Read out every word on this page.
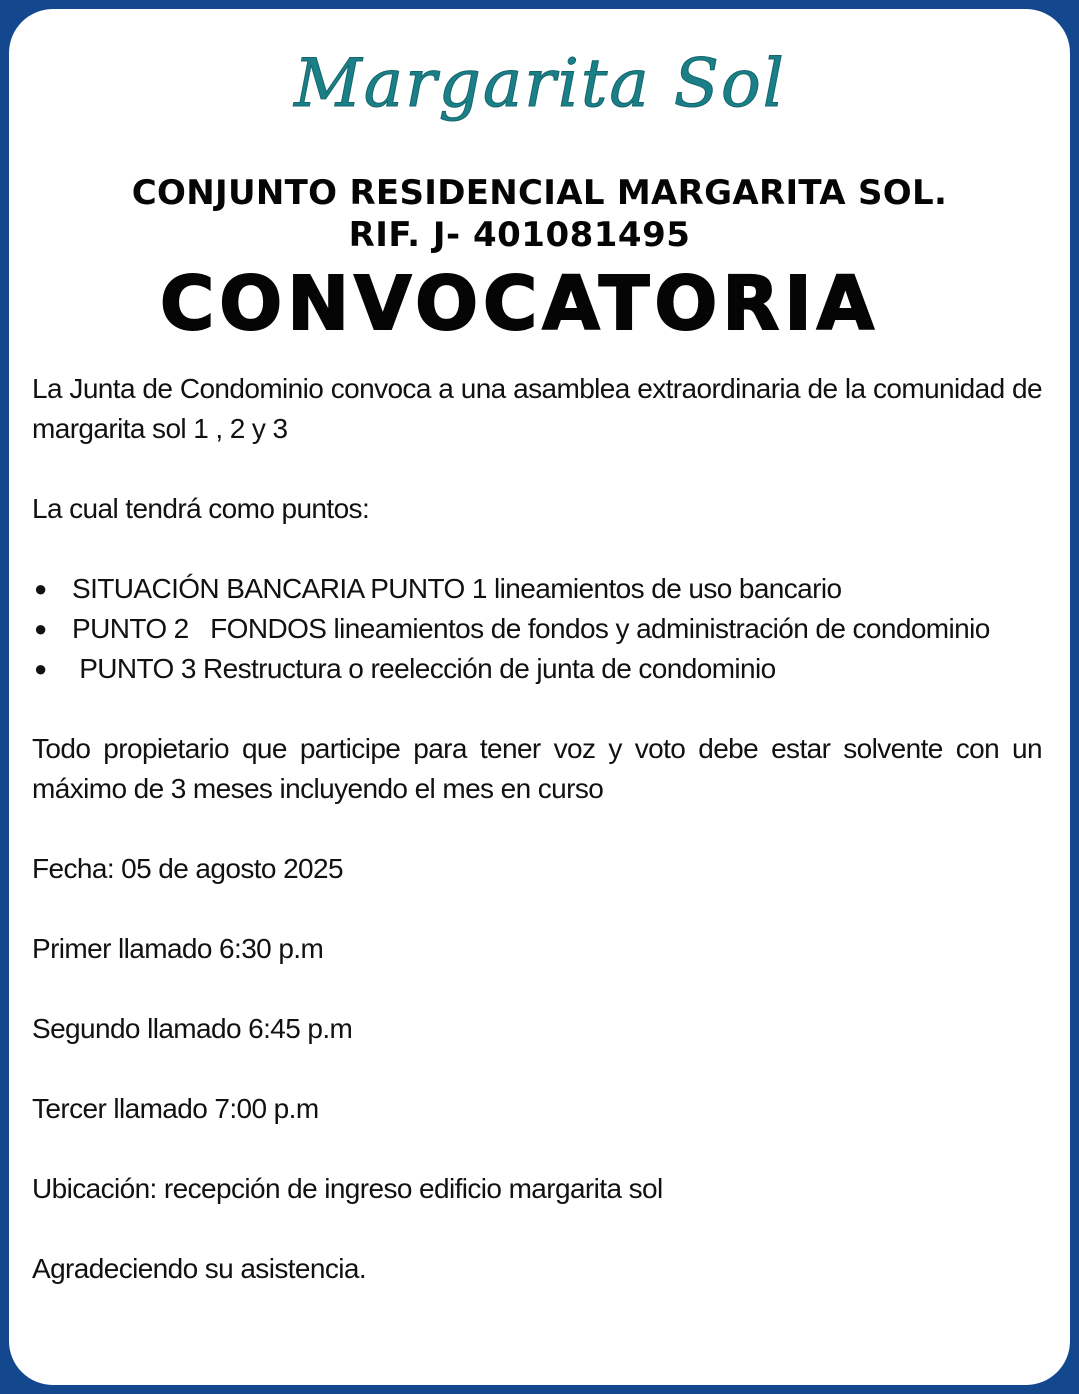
Margarita Sol
CONJUNTO RESIDENCIAL MARGARITA SOL.
RIF. J- 401081495
CONVOCATORIA

La Junta de Condominio convoca a una asamblea extraordinaria de la comunidad de margarita sol 1 , 2 y 3

La cual tendrá como puntos:

● SITUACIÓN BANCARIA PUNTO 1 lineamientos de uso bancario
● PUNTO 2   FONDOS lineamientos de fondos y administración de condominio
● PUNTO 3 Restructura o reelección de junta de condominio

Todo propietario que participe para tener voz y voto debe estar solvente con un máximo de 3 meses incluyendo el mes en curso

Fecha: 05 de agosto 2025

Primer llamado 6:30 p.m

Segundo llamado 6:45 p.m

Tercer llamado 7:00 p.m

Ubicación: recepción de ingreso edificio margarita sol

Agradeciendo su asistencia.
